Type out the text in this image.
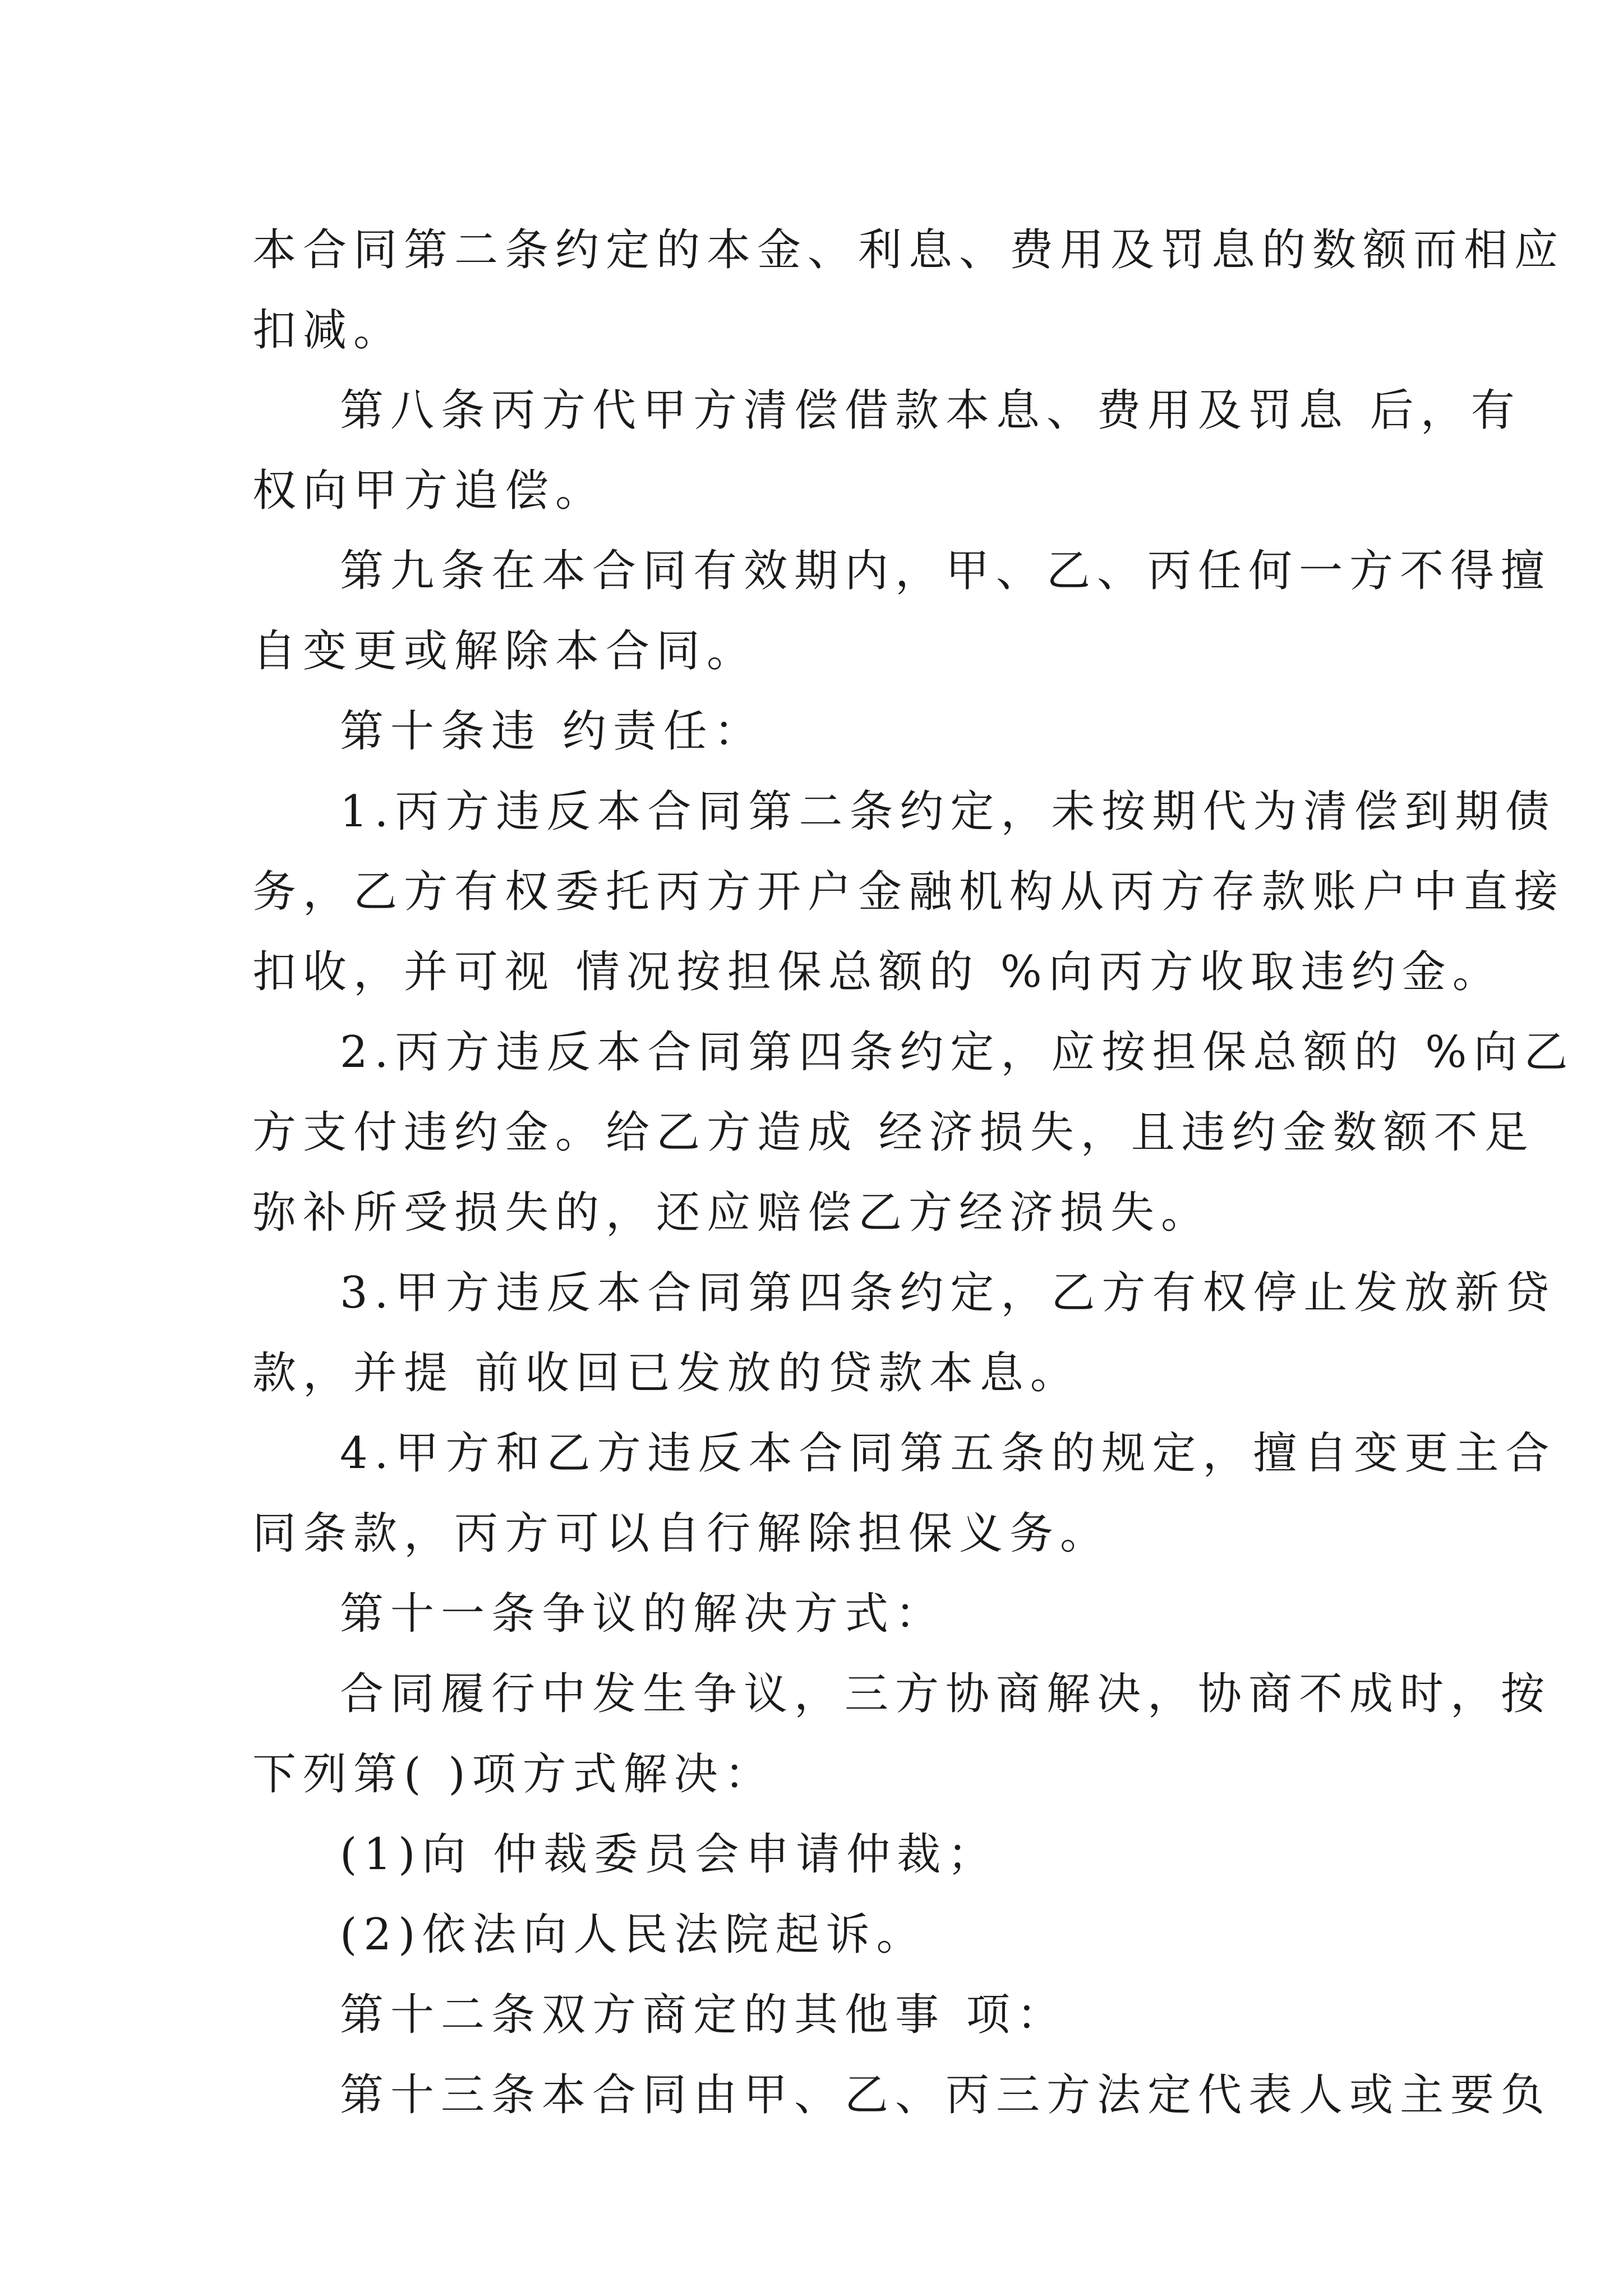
本合同第二条约定的本金、利息、费用及罚息的数额而相应
扣减。
第八条丙方代甲方清偿借款本息、费用及罚息 后，有
权向甲方追偿。
第九条在本合同有效期内，甲、乙、丙任何一方不得擅
自变更或解除本合同。
第十条违 约责任：
1.丙方违反本合同第二条约定，未按期代为清偿到期债
务，乙方有权委托丙方开户金融机构从丙方存款账户中直接
扣收，并可视 情况按担保总额的 %向丙方收取违约金。
2.丙方违反本合同第四条约定，应按担保总额的 %向乙
方支付违约金。给乙方造成 经济损失，且违约金数额不足
弥补所受损失的，还应赔偿乙方经济损失。
3.甲方违反本合同第四条约定，乙方有权停止发放新贷
款，并提 前收回已发放的贷款本息。
4.甲方和乙方违反本合同第五条的规定，擅自变更主合
同条款，丙方可以自行解除担保义务。
第十一条争议的解决方式：
合同履行中发生争议，三方协商解决，协商不成时，按
下列第( )项方式解决：
(1)向 仲裁委员会申请仲裁；
(2)依法向人民法院起诉。
第十二条双方商定的其他事 项：
第十三条本合同由甲、乙、丙三方法定代表人或主要负
